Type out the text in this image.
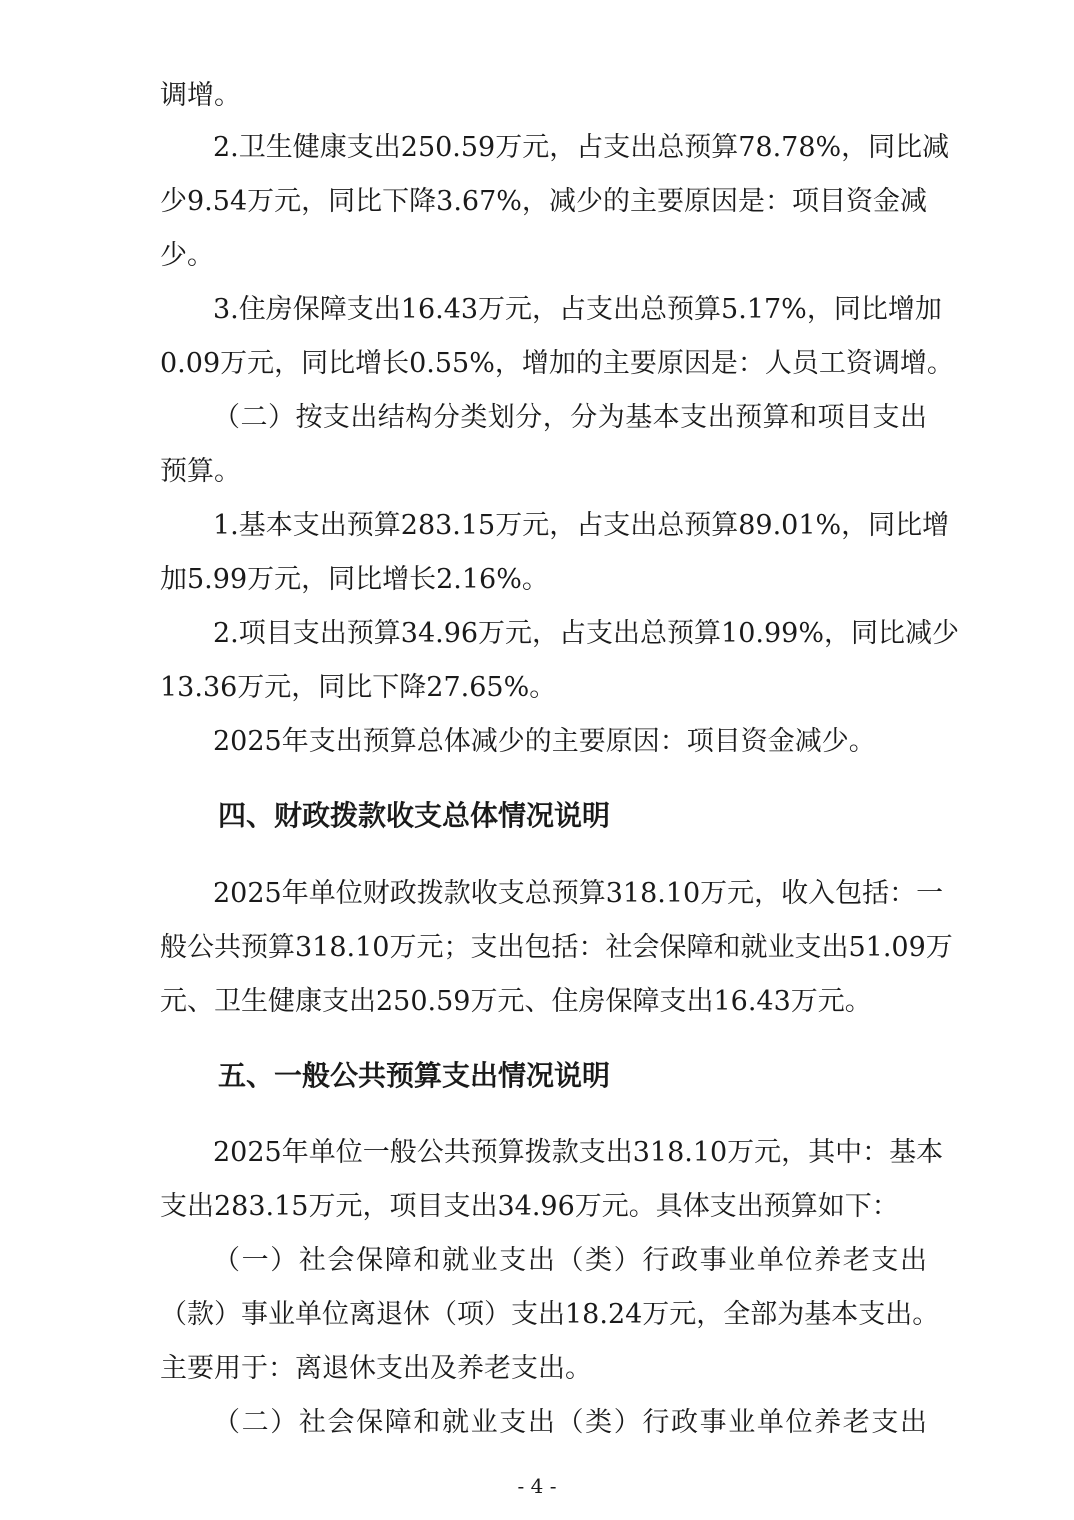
调增。
2.卫生健康支出250.59万元，占支出总预算78.78%，同比减
少9.54万元，同比下降3.67%，减少的主要原因是：项目资金减
少。
3.住房保障支出16.43万元，占支出总预算5.17%，同比增加
0.09万元，同比增长0.55%，增加的主要原因是：人员工资调增。
（二）按支出结构分类划分，分为基本支出预算和项目支出
预算。
1.基本支出预算283.15万元，占支出总预算89.01%，同比增
加5.99万元，同比增长2.16%。
2.项目支出预算34.96万元，占支出总预算10.99%，同比减少
13.36万元，同比下降27.65%。
2025年支出预算总体减少的主要原因：项目资金减少。
四、财政拨款收支总体情况说明
2025年单位财政拨款收支总预算318.10万元，收入包括：一
般公共预算318.10万元；支出包括：社会保障和就业支出51.09万
元、卫生健康支出250.59万元、住房保障支出16.43万元。
五、一般公共预算支出情况说明
2025年单位一般公共预算拨款支出318.10万元，其中：基本
支出283.15万元，项目支出34.96万元。具体支出预算如下：
（一）社会保障和就业支出（类）行政事业单位养老支出
（款）事业单位离退休（项）支出18.24万元，全部为基本支出。
主要用于：离退休支出及养老支出。
（二）社会保障和就业支出（类）行政事业单位养老支出
- 4 -
